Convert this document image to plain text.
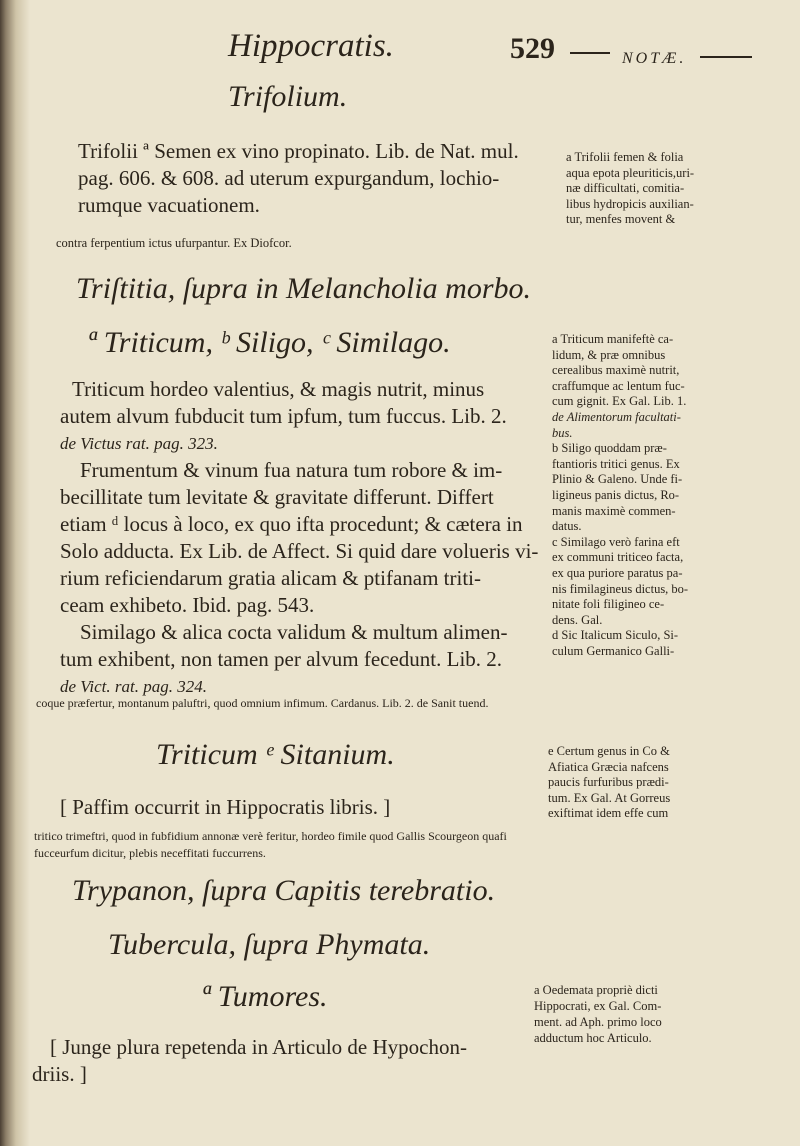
Hippocratis.	529	NOTÆ.
Trifolium.
Trifolii ª Semen ex vino propinato. Lib. de Nat. mul.
pag. 606. & 608. ad uterum expurgandum, lochio-
rumque vacuationem.
contra ferpentium ictus ufurpantur. Ex Diofcor.
a Trifolii femen & folia
aqua epota pleuriticis,uri-
næ difficultati, comitia-
libus hydropicis auxilian-
tur, menfes movent &
Triſtitia, ſupra in Melancholia morbo.
ª Triticum, ᵇ Siligo, ᶜ Similago.
Triticum hordeo valentius, & magis nutrit, minus
autem alvum fubducit tum ipfum, tum fuccus. Lib. 2.
de Victus rat. pag. 323.
Frumentum & vinum fua natura tum robore & im-
becillitate tum levitate & gravitate differunt. Differt
etiam ᵈ locus à loco, ex quo ifta procedunt; & cætera in
Solo adducta. Ex Lib. de Affect. Si quid dare volueris vi-
rium reficiendarum gratia alicam & ptifanam triti-
ceam exhibeto. Ibid. pag. 543.
Similago & alica cocta validum & multum alimen-
tum exhibent, non tamen per alvum fecedunt. Lib. 2.
de Vict. rat. pag. 324.
coque præfertur, montanum paluftri, quod omnium infimum. Cardanus. Lib. 2. de Sanit tuend.
a Triticum manifeftè ca-
lidum, & præ omnibus
cerealibus maximè nutrit,
craffumque ac lentum fuc-
cum gignit. Ex Gal. Lib. 1.
de Alimentorum facultati-
bus.
b Siligo quoddam præ-
ftantioris tritici genus. Ex
Plinio & Galeno. Unde fi-
ligineus panis dictus, Ro-
manis maximè commen-
datus.
c Similago verò farina eft
ex communi triticeo facta,
ex qua puriore paratus pa-
nis fimilagineus dictus, bo-
nitate foli filigineo ce-
dens. Gal.
d Sic Italicum Siculo, Si-
culum Germanico Galli-
Triticum ᵉ Sitanium.
[ Paffim occurrit in Hippocratis libris. ]
tritico trimeftri, quod in fubfidium annonæ verè feritur, hordeo fimile quod Gallis Scourgeon quafi
fucceurfum dicitur, plebis neceffitati fuccurrens.
e Certum genus in Co &
Afiatica Græcia nafcens
paucis furfuribus prædi-
tum. Ex Gal. At Gorreus
exiftimat idem effe cum
Trypanon, ſupra Capitis terebratio.
Tubercula, ſupra Phymata.
ª Tumores.
[ Junge plura repetenda in Articulo de Hypochon-
driis. ]
a Oedemata propriè dicti
Hippocrati, ex Gal. Com-
ment. ad Aph. primo loco
adductum hoc Articulo.
